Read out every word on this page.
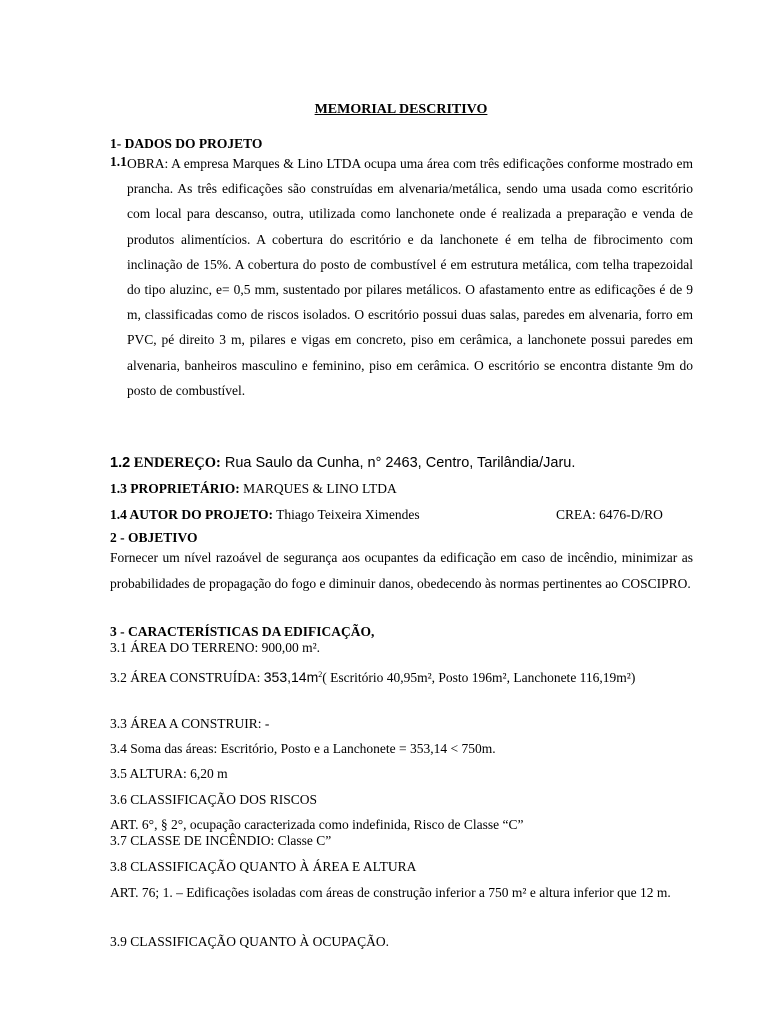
MEMORIAL DESCRITIVO
1- DADOS DO PROJETO
1.1 OBRA: A empresa Marques & Lino LTDA ocupa uma área com três edificações conforme mostrado em prancha. As três edificações são construídas em alvenaria/metálica, sendo uma usada como escritório com local para descanso, outra, utilizada como lanchonete onde é realizada a preparação e venda de produtos alimentícios. A cobertura do escritório e da lanchonete é em telha de fibrocimento com inclinação de 15%. A cobertura do posto de combustível é em estrutura metálica, com telha trapezoidal do tipo aluzinc, e= 0,5 mm, sustentado por pilares metálicos. O afastamento entre as edificações é de 9 m, classificadas como de riscos isolados. O escritório possui duas salas, paredes em alvenaria, forro em PVC, pé direito 3 m, pilares e vigas em concreto, piso em cerâmica, a lanchonete possui paredes em alvenaria, banheiros masculino e feminino, piso em cerâmica. O escritório se encontra distante 9m do posto de combustível.
1.2 ENDEREÇO: Rua Saulo da Cunha, n° 2463, Centro, Tarilândia/Jaru.
1.3 PROPRIETÁRIO: MARQUES & LINO LTDA
1.4 AUTOR DO PROJETO: Thiago Teixeira Ximendes	CREA: 6476-D/RO
2 - OBJETIVO
Fornecer um nível razoável de segurança aos ocupantes da edificação em caso de incêndio, minimizar as probabilidades de propagação do fogo e diminuir danos, obedecendo às normas pertinentes ao COSCIPRO.
3 - CARACTERÍSTICAS DA EDIFICAÇÃO,
3.1 ÁREA DO TERRENO: 900,00 m².
3.2 ÁREA CONSTRUÍDA: $353,14m^2$( Escritório 40,95m², Posto 196m², Lanchonete 116,19m²)
3.3 ÁREA A CONSTRUIR: -
3.4 Soma das áreas: Escritório, Posto e a Lanchonete = 353,14 < 750m.
3.5 ALTURA: 6,20 m
3.6 CLASSIFICAÇÃO DOS RISCOS
ART. 6°, § 2°, ocupação caracterizada como indefinida, Risco de Classe “C”
3.7 CLASSE DE INCÊNDIO: Classe C”
3.8 CLASSIFICAÇÃO QUANTO À ÁREA E ALTURA
ART. 76; 1. – Edificações isoladas com áreas de construção inferior a 750 m² e altura inferior que 12 m.
3.9 CLASSIFICAÇÃO QUANTO À OCUPAÇÃO.
